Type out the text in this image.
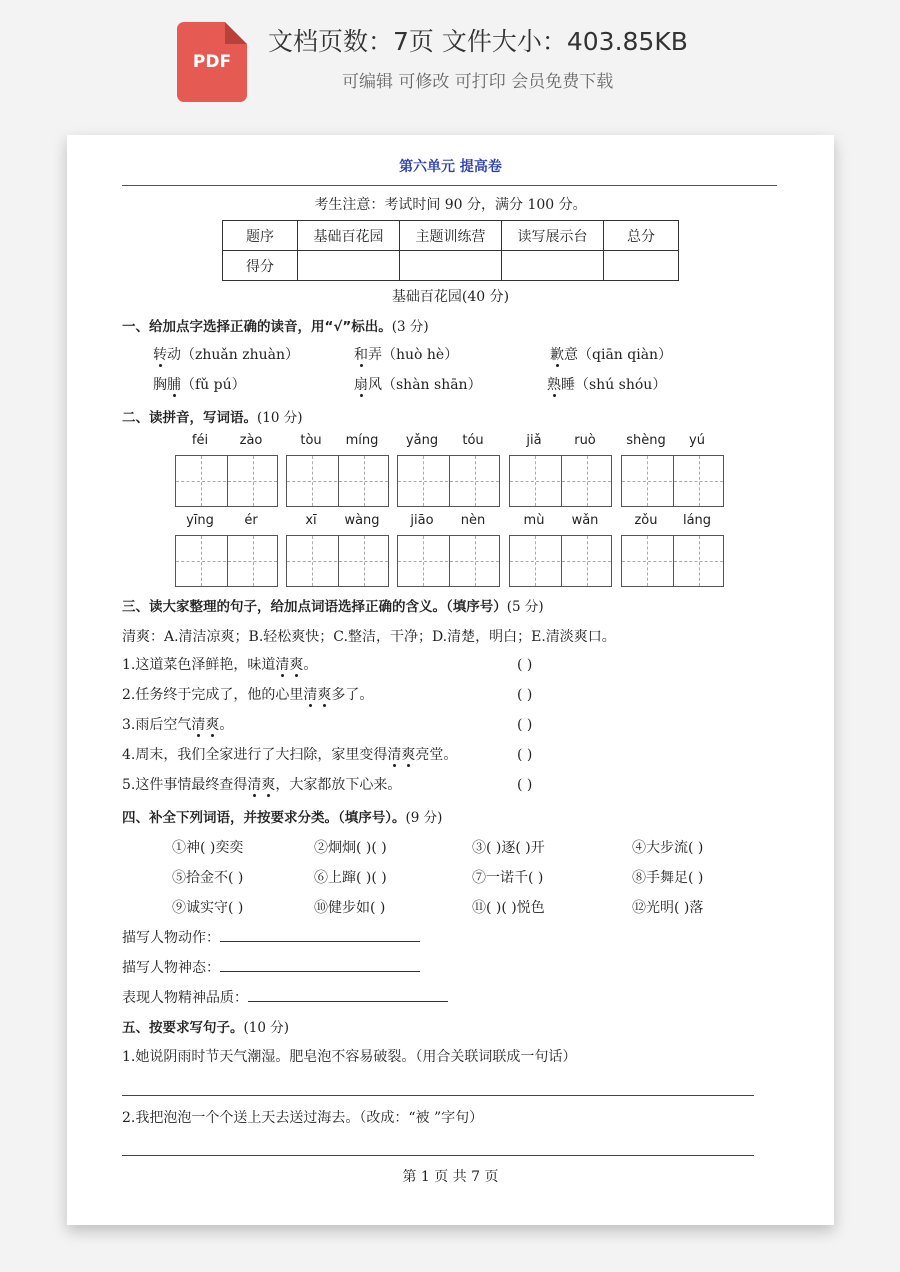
PDF
文档页数：7页 文件大小：403.85KB
可编辑 可修改 可打印 会员免费下载
第六单元 提高卷
考生注意：考试时间 90 分，满分 100 分。
题序	基础百花园	主题训练营	读写展示台	总分
得分				
基础百花园(40 分)
一、给加点字选择正确的读音，用“√”标出。(3 分)
转动（zhuǎn zhuàn）	和弄（huò hè）	歉意（qiān qiàn）
胸脯（fǔ pú）	扇风（shàn shān）	熟睡（shú shóu）
二、读拼音，写词语。(10 分)
féi	zào	tòu	míng	yǎng	tóu	jiǎ	ruò	shèng	yú
yīng	ér	xī	wàng	jiāo	nèn	mù	wǎn	zǒu	láng
三、读大家整理的句子，给加点词语选择正确的含义。（填序号）(5 分)
清爽：A.清洁凉爽；B.轻松爽快；C.整洁，干净；D.清楚，明白；E.清淡爽口。
1.这道菜色泽鲜艳，味道清爽。	( )
2.任务终于完成了，他的心里清爽多了。	( )
3.雨后空气清爽。	( )
4.周末，我们全家进行了大扫除，家里变得清爽亮堂。	( )
5.这件事情最终查得清爽，大家都放下心来。	( )
四、补全下列词语，并按要求分类。（填序号）。(9 分)
①神( )奕奕	②炯炯( )( )	③( )逐( )开	④大步流( )
⑤拾金不( )	⑥上蹿( )( )	⑦一诺千( )	⑧手舞足( )
⑨诚实守( )	⑩健步如( )	⑪( )( )悦色	⑫光明( )落
描写人物动作：
描写人物神态：
表现人物精神品质：
五、按要求写句子。(10 分)
1.她说阴雨时节天气潮湿。肥皂泡不容易破裂。（用合关联词联成一句话）
2.我把泡泡一个个送上天去送过海去。（改成：“被 ”字句）
第 1 页 共 7 页
